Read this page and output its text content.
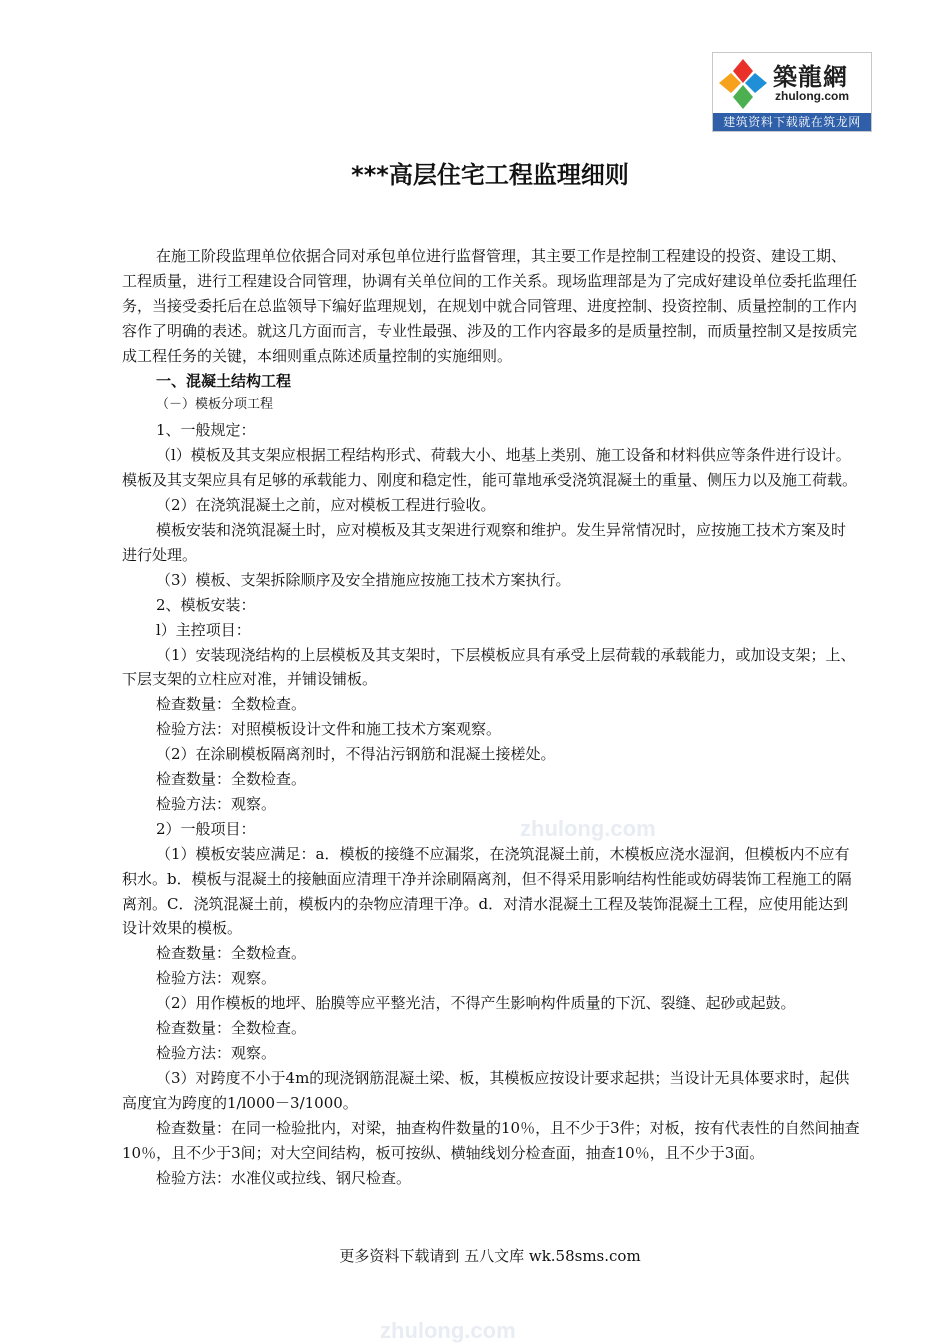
zhulong.com
zhulong.com
築龍網
zhulong.com
建筑资料下载就在筑龙网
***高层住宅工程监理细则

在施工阶段监理单位依据合同对承包单位进行监督管理，其主要工作是控制工程建设的投资、建设工期、工程质量，进行工程建设合同管理，协调有关单位间的工作关系。现场监理部是为了完成好建设单位委托监理任务，当接受委托后在总监领导下编好监理规划，在规划中就合同管理、进度控制、投资控制、质量控制的工作内容作了明确的表述。就这几方面而言，专业性最强、涉及的工作内容最多的是质量控制，而质量控制又是按质完成工程任务的关键，本细则重点陈述质量控制的实施细则。

一、混凝土结构工程

（－）模板分项工程

1、一般规定：

（l）模板及其支架应根据工程结构形式、荷载大小、地基上类别、施工设备和材料供应等条件进行设计。模板及其支架应具有足够的承载能力、刚度和稳定性，能可靠地承受浇筑混凝土的重量、侧压力以及施工荷载。

（2）在浇筑混凝土之前，应对模板工程进行验收。

模板安装和浇筑混凝土时，应对模板及其支架进行观察和维护。发生异常情况时，应按施工技术方案及时进行处理。

（3）模板、支架拆除顺序及安全措施应按施工技术方案执行。

2、模板安装：

l）主控项目：

（1）安装现浇结构的上层模板及其支架时，下层模板应具有承受上层荷载的承载能力，或加设支架；上、下层支架的立柱应对准，并铺设铺板。

检查数量：全数检查。

检验方法：对照模板设计文件和施工技术方案观察。

（2）在涂刷模板隔离剂时，不得沾污钢筋和混凝土接槎处。

检查数量：全数检查。

检验方法：观察。

2）一般项目：

（1）模板安装应满足：a．模板的接缝不应漏浆，在浇筑混凝土前，木模板应浇水湿润，但模板内不应有积水。b．模板与混凝土的接触面应清理干净并涂刷隔离剂，但不得采用影响结构性能或妨碍装饰工程施工的隔离剂。C．浇筑混凝土前，模板内的杂物应清理干净。d．对清水混凝土工程及装饰混凝土工程，应使用能达到设计效果的模板。

检查数量：全数检查。

检验方法：观察。

（2）用作模板的地坪、胎膜等应平整光洁，不得产生影响构件质量的下沉、裂缝、起砂或起鼓。

检查数量：全数检查。

检验方法：观察。

（3）对跨度不小于4m的现浇钢筋混凝土梁、板，其模板应按设计要求起拱；当设计无具体要求时，起供高度宜为跨度的1/l000－3/1000。

检查数量：在同一检验批内，对梁，抽查构件数量的10％，且不少于3件；对板，按有代表性的自然间抽查10％，且不少于3间；对大空间结构，板可按纵、横轴线划分检查面，抽查10％，且不少于3面。

检验方法：水准仪或拉线、钢尺检查。

更多资料下载请到 五八文库 wk.58sms.com
